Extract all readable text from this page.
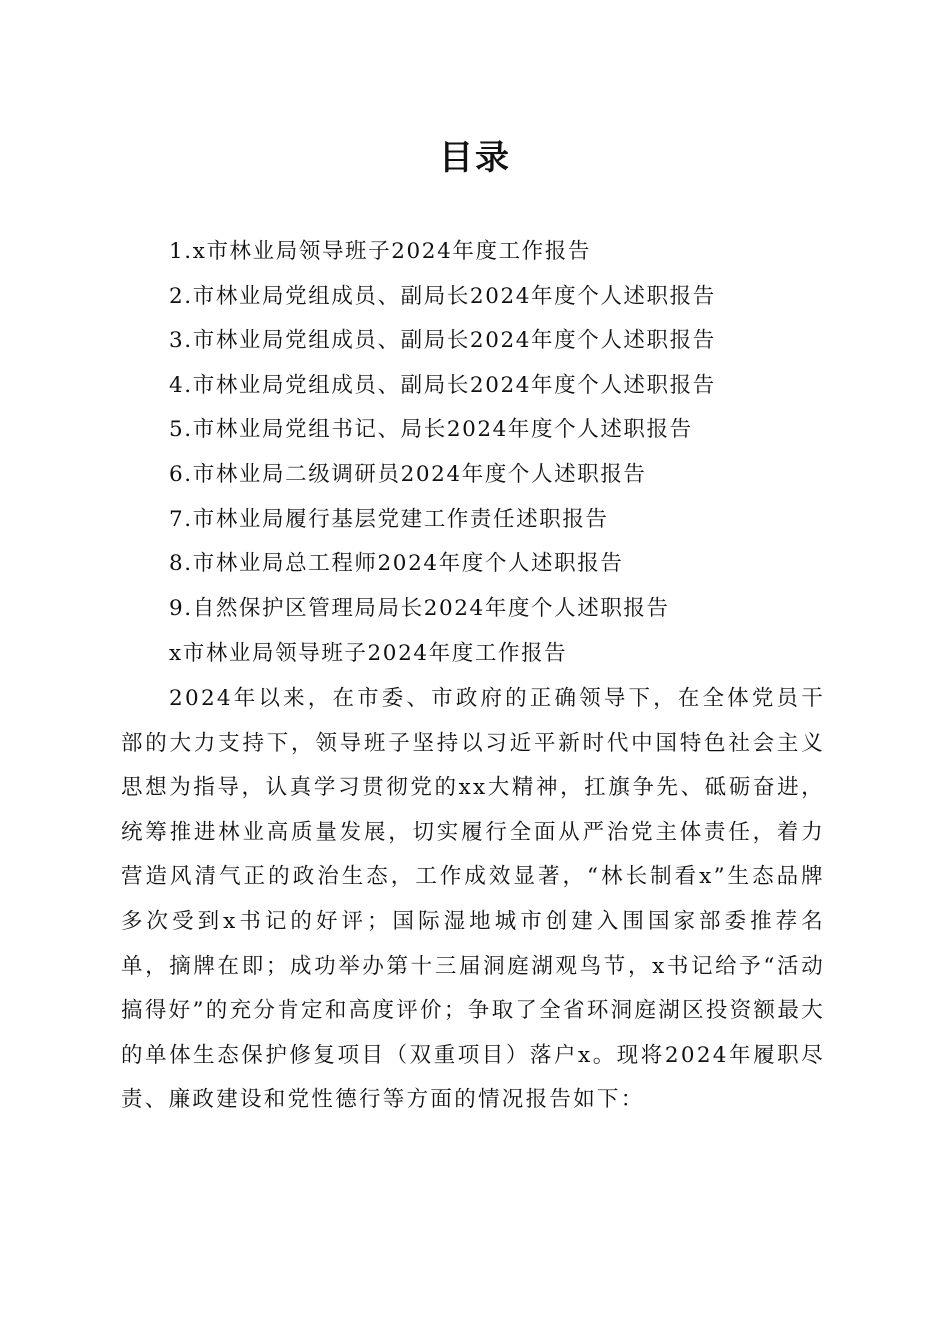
目录
1.x市林业局领导班子2024年度工作报告
2.市林业局党组成员、副局长2024年度个人述职报告
3.市林业局党组成员、副局长2024年度个人述职报告
4.市林业局党组成员、副局长2024年度个人述职报告
5.市林业局党组书记、局长2024年度个人述职报告
6.市林业局二级调研员2024年度个人述职报告
7.市林业局履行基层党建工作责任述职报告
8.市林业局总工程师2024年度个人述职报告
9.自然保护区管理局局长2024年度个人述职报告
x市林业局领导班子2024年度工作报告

2024年以来，在市委、市政府的正确领导下，在全体党员干部的大力支持下，领导班子坚持以习近平新时代中国特色社会主义思想为指导，认真学习贯彻党的xx大精神，扛旗争先、砥砺奋进，统筹推进林业高质量发展，切实履行全面从严治党主体责任，着力营造风清气正的政治生态，工作成效显著，“林长制看x”生态品牌多次受到x书记的好评；国际湿地城市创建入围国家部委推荐名单，摘牌在即；成功举办第十三届洞庭湖观鸟节，x书记给予“活动搞得好”的充分肯定和高度评价；争取了全省环洞庭湖区投资额最大的单体生态保护修复项目（双重项目）落户x。现将2024年履职尽责、廉政建设和党性德行等方面的情况报告如下：
